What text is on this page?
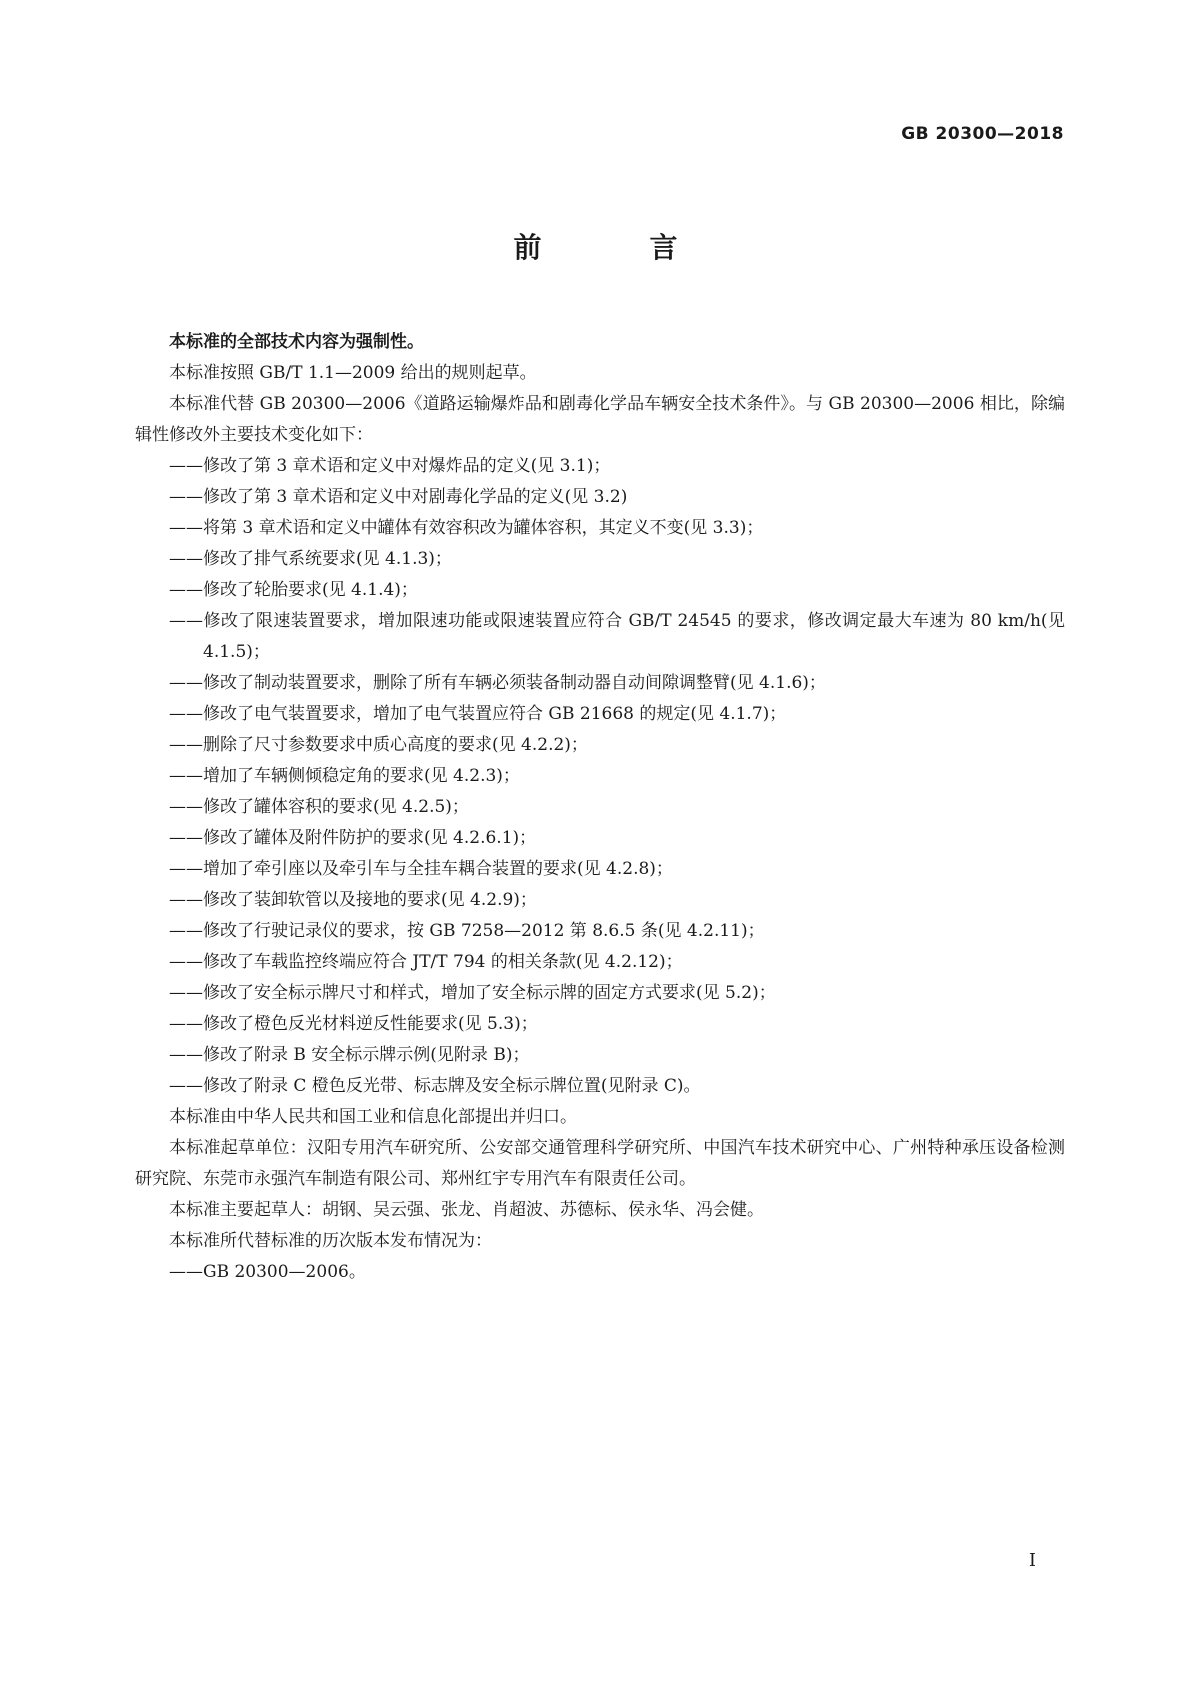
GB 20300—2018
前　言

本标准的全部技术内容为强制性。

本标准按照 GB/T 1.1—2009 给出的规则起草。

本标准代替 GB 20300—2006《道路运输爆炸品和剧毒化学品车辆安全技术条件》。与 GB 20300—2006 相比，除编辑性修改外主要技术变化如下：

——修改了第 3 章术语和定义中对爆炸品的定义(见 3.1)；

——修改了第 3 章术语和定义中对剧毒化学品的定义(见 3.2)

——将第 3 章术语和定义中罐体有效容积改为罐体容积，其定义不变(见 3.3)；

——修改了排气系统要求(见 4.1.3)；

——修改了轮胎要求(见 4.1.4)；

——修改了限速装置要求，增加限速功能或限速装置应符合 GB/T 24545 的要求，修改调定最大车速为 80 km/h(见 4.1.5)；

——修改了制动装置要求，删除了所有车辆必须装备制动器自动间隙调整臂(见 4.1.6)；

——修改了电气装置要求，增加了电气装置应符合 GB 21668 的规定(见 4.1.7)；

——删除了尺寸参数要求中质心高度的要求(见 4.2.2)；

——增加了车辆侧倾稳定角的要求(见 4.2.3)；

——修改了罐体容积的要求(见 4.2.5)；

——修改了罐体及附件防护的要求(见 4.2.6.1)；

——增加了牵引座以及牵引车与全挂车耦合装置的要求(见 4.2.8)；

——修改了装卸软管以及接地的要求(见 4.2.9)；

——修改了行驶记录仪的要求，按 GB 7258—2012 第 8.6.5 条(见 4.2.11)；

——修改了车载监控终端应符合 JT/T 794 的相关条款(见 4.2.12)；

——修改了安全标示牌尺寸和样式，增加了安全标示牌的固定方式要求(见 5.2)；

——修改了橙色反光材料逆反性能要求(见 5.3)；

——修改了附录 B 安全标示牌示例(见附录 B)；

——修改了附录 C 橙色反光带、标志牌及安全标示牌位置(见附录 C)。

本标准由中华人民共和国工业和信息化部提出并归口。

本标准起草单位：汉阳专用汽车研究所、公安部交通管理科学研究所、中国汽车技术研究中心、广州特种承压设备检测研究院、东莞市永强汽车制造有限公司、郑州红宇专用汽车有限责任公司。

本标准主要起草人：胡钢、吴云强、张龙、肖超波、苏德标、侯永华、冯会健。

本标准所代替标准的历次版本发布情况为：

——GB 20300—2006。

I
